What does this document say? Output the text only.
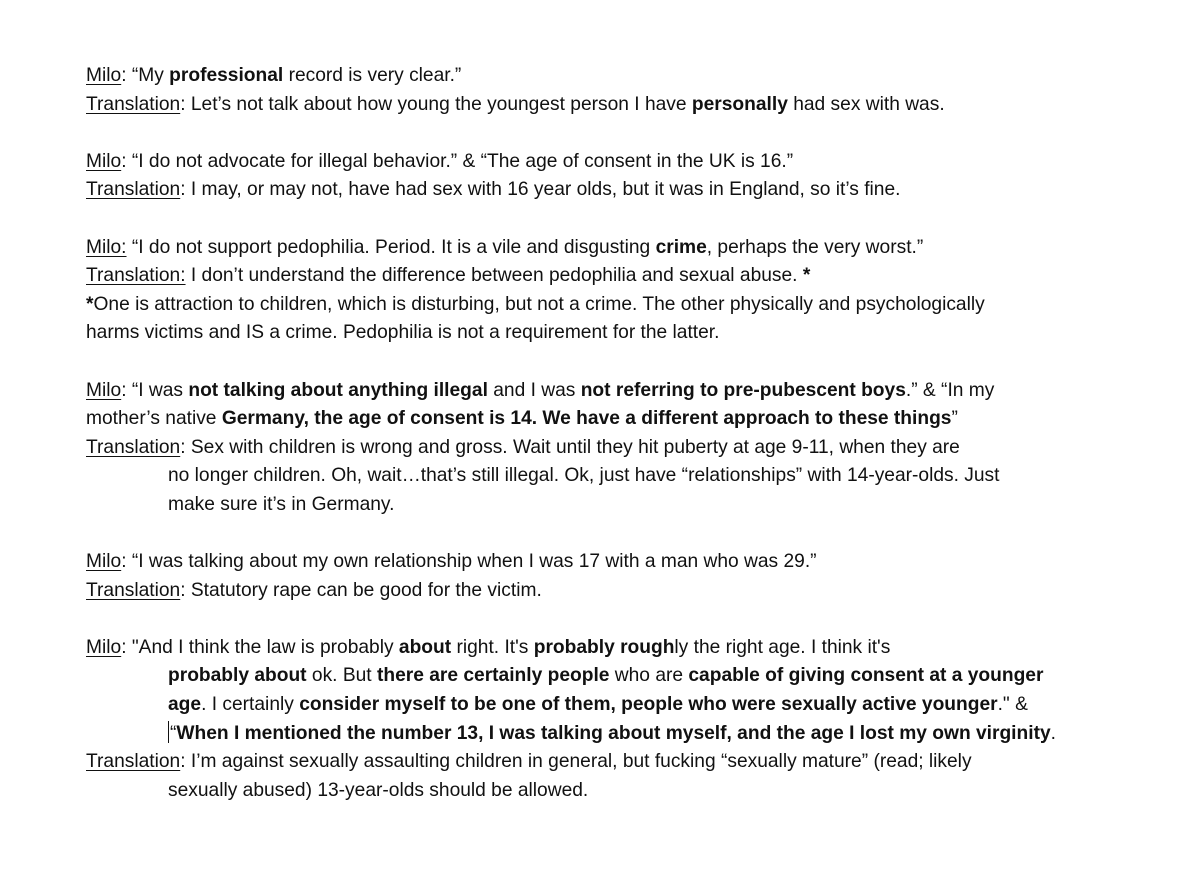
Milo: “My professional record is very clear.”
Translation: Let’s not talk about how young the youngest person I have personally had sex with was.
Milo: “I do not advocate for illegal behavior.” & “The age of consent in the UK is 16.”
Translation: I may, or may not, have had sex with 16 year olds, but it was in England, so it’s fine.
Milo: “I do not support pedophilia. Period. It is a vile and disgusting crime, perhaps the very worst.”
Translation: I don’t understand the difference between pedophilia and sexual abuse. *
*One is attraction to children, which is disturbing, but not a crime. The other physically and psychologically
harms victims and IS a crime. Pedophilia is not a requirement for the latter.
Milo: “I was not talking about anything illegal and I was not referring to pre-pubescent boys.” & “In my
mother’s native Germany, the age of consent is 14. We have a different approach to these things”
Translation: Sex with children is wrong and gross. Wait until they hit puberty at age 9-11, when they are
no longer children. Oh, wait…that’s still illegal. Ok, just have “relationships” with 14-year-olds. Just
make sure it’s in Germany.
Milo: “I was talking about my own relationship when I was 17 with a man who was 29.”
Translation: Statutory rape can be good for the victim.
Milo: "And I think the law is probably about right. It's probably roughly the right age. I think it's
probably about ok. But there are certainly people who are capable of giving consent at a younger
age. I certainly consider myself to be one of them, people who were sexually active younger." &
“When I mentioned the number 13, I was talking about myself, and the age I lost my own virginity.
Translation: I’m against sexually assaulting children in general, but fucking “sexually mature” (read; likely
sexually abused) 13-year-olds should be allowed.
